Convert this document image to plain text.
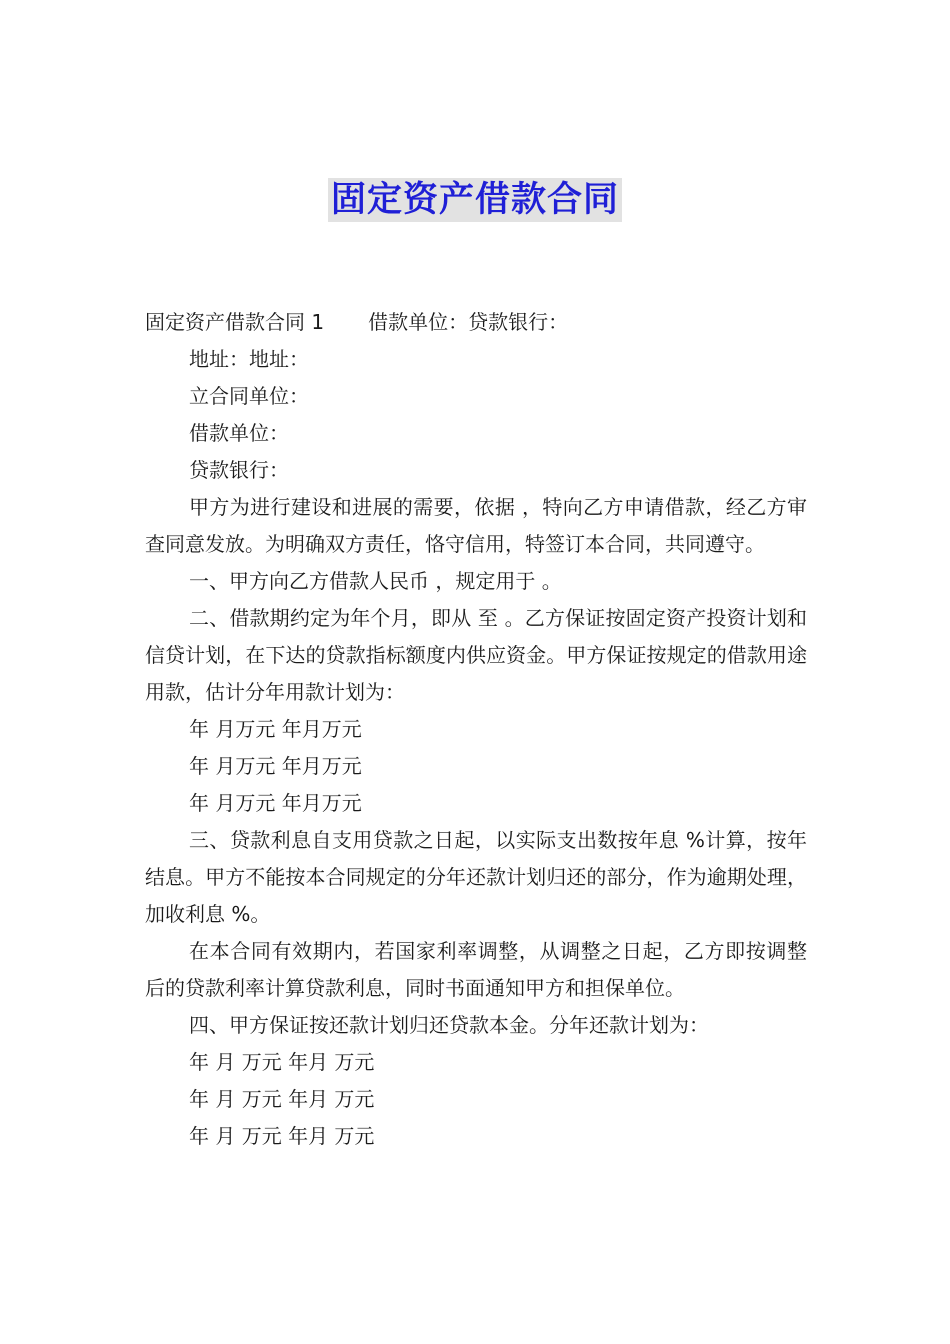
固定资产借款合同

固定资产借款合同 1 借款单位：贷款银行：

地址：地址：

立合同单位：

借款单位：

贷款银行：

甲方为进行建设和进展的需要，依据 ，特向乙方申请借款，经乙方审查同意发放。为明确双方责任，恪守信用，特签订本合同，共同遵守。

一、甲方向乙方借款人民币 ，规定用于 。

二、借款期约定为年个月，即从 至 。乙方保证按固定资产投资计划和信贷计划，在下达的贷款指标额度内供应资金。甲方保证按规定的借款用途用款，估计分年用款计划为：

年 月万元 年月万元

年 月万元 年月万元

年 月万元 年月万元

三、贷款利息自支用贷款之日起，以实际支出数按年息 %计算，按年结息。甲方不能按本合同规定的分年还款计划归还的部分，作为逾期处理，加收利息 %。

在本合同有效期内，若国家利率调整，从调整之日起，乙方即按调整后的贷款利率计算贷款利息，同时书面通知甲方和担保单位。

四、甲方保证按还款计划归还贷款本金。分年还款计划为：

年 月 万元 年月 万元

年 月 万元 年月 万元

年 月 万元 年月 万元
